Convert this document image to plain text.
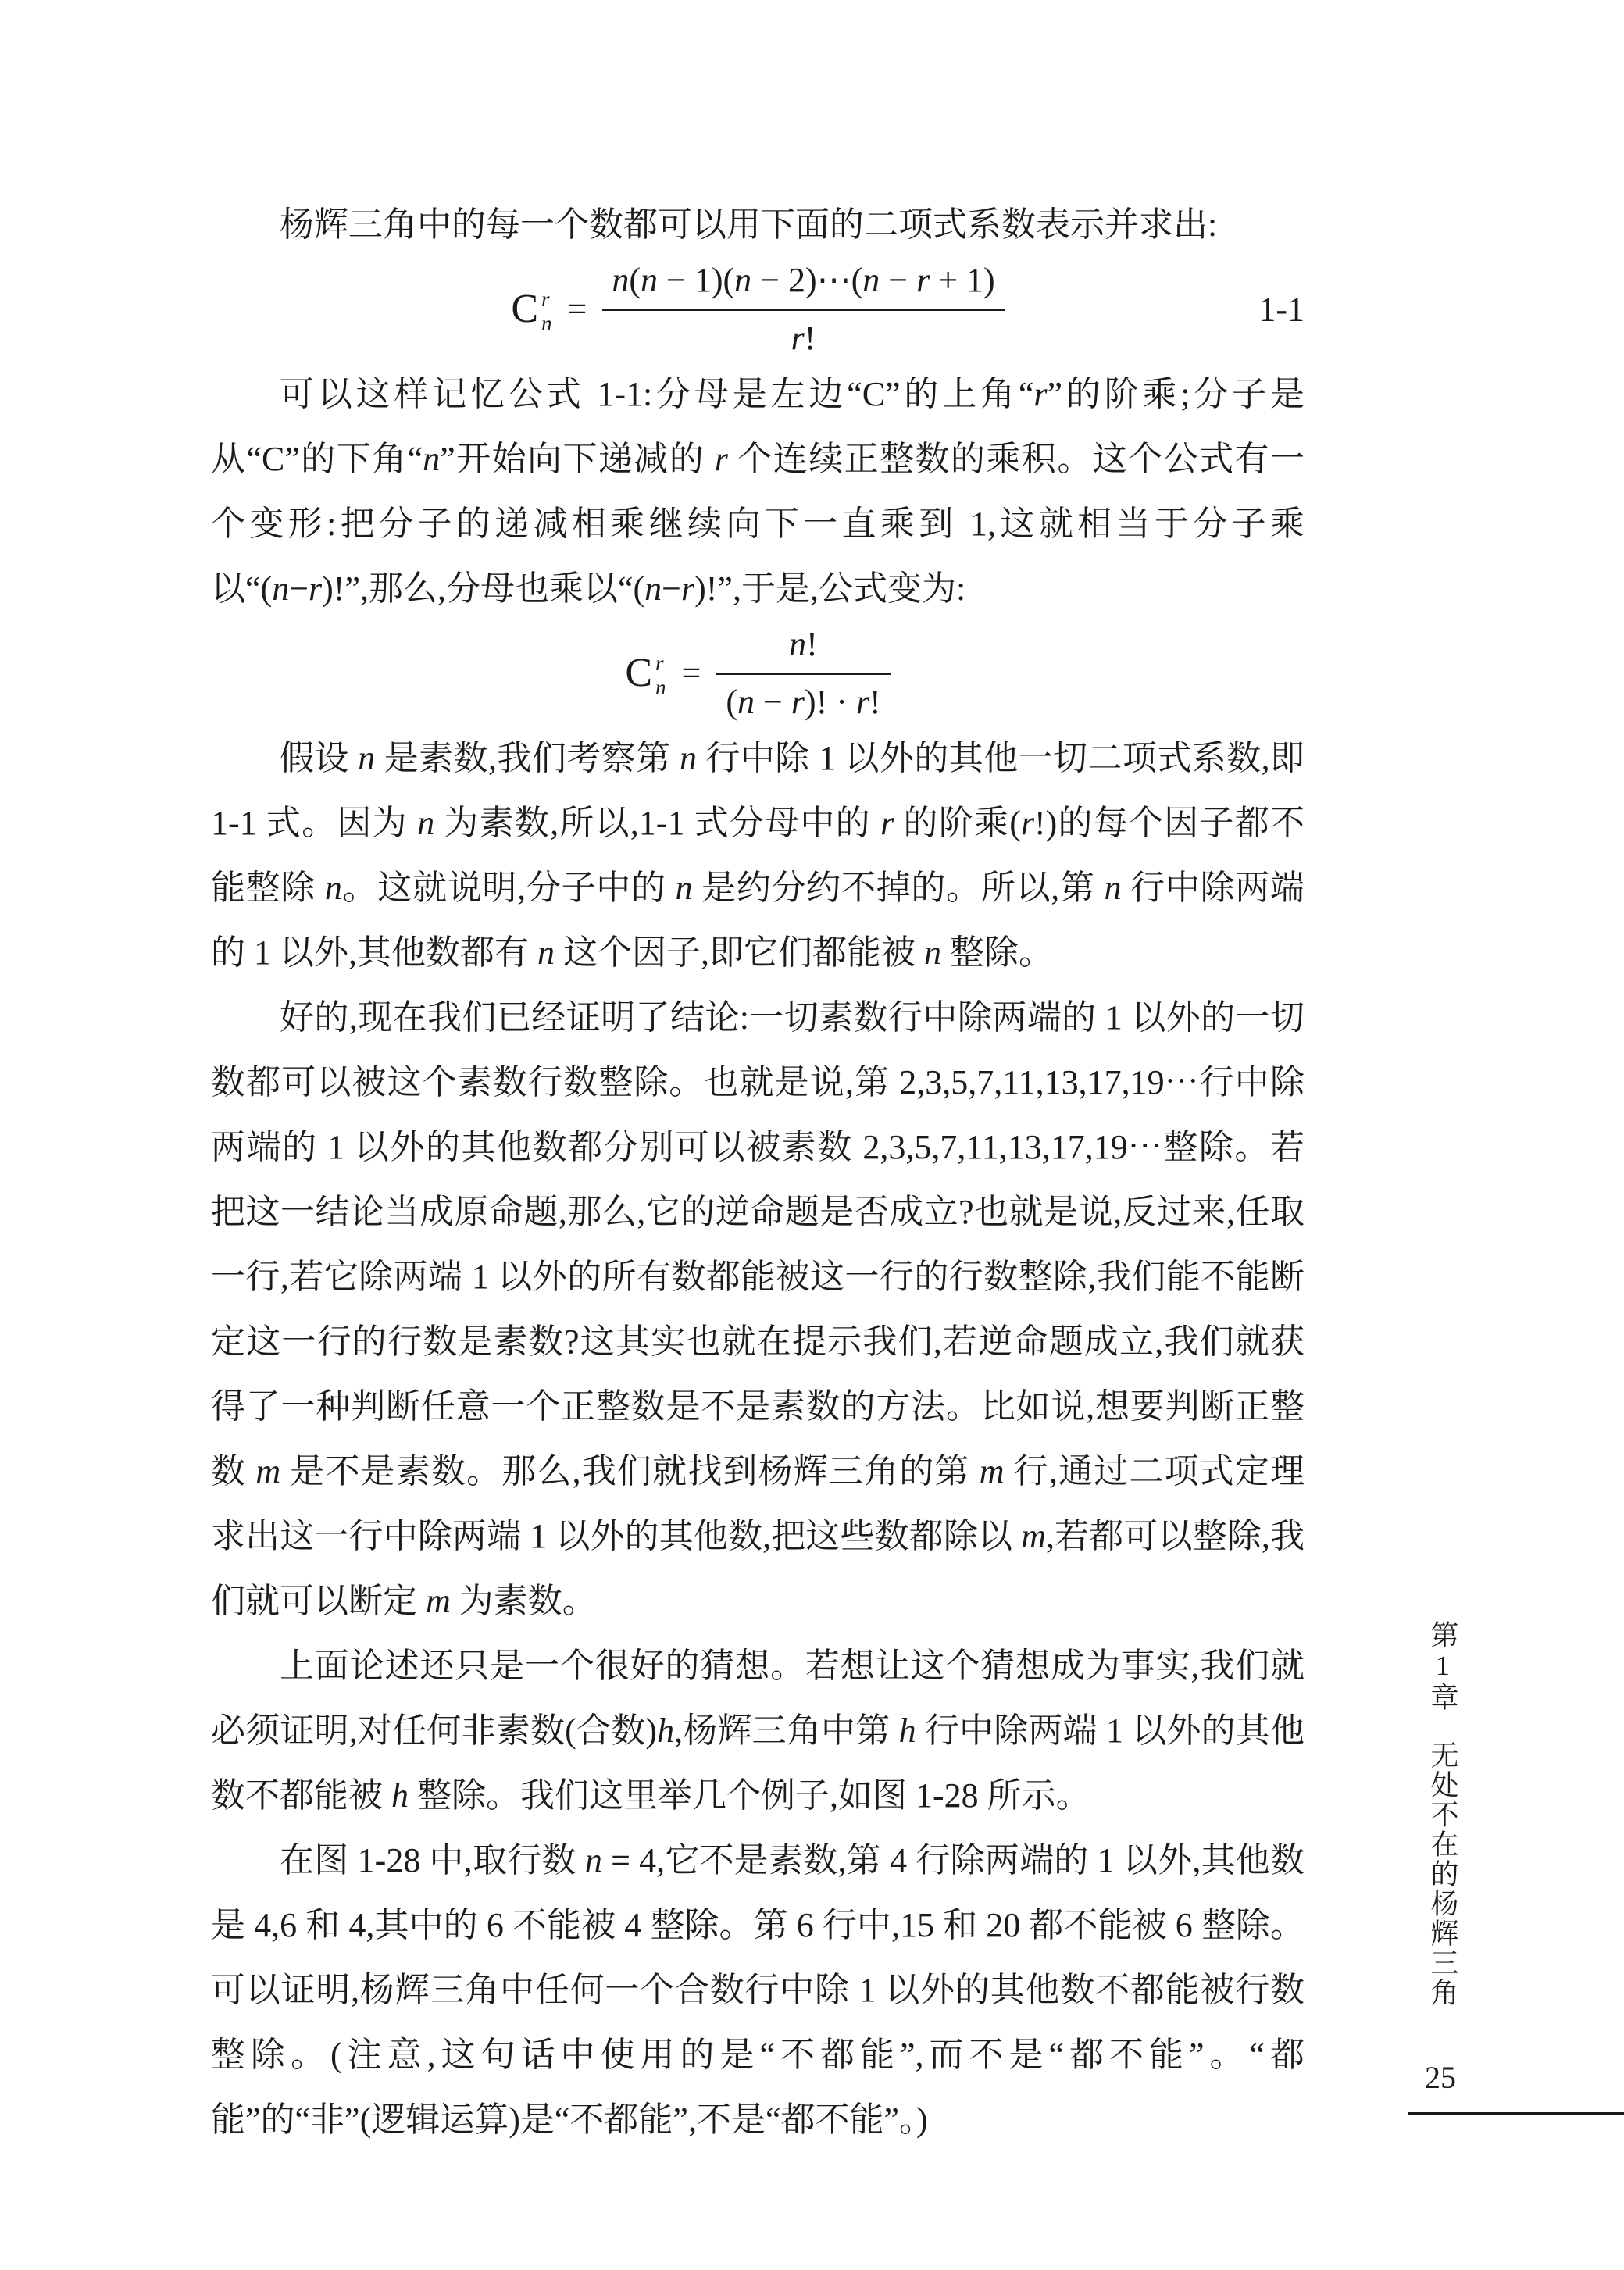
杨辉三角中的每一个数都可以用下面的二项式系数表示并求出:

C r
$n = \frac{n(n - 1)(n - 2)\cdots(n - r + 1)}{r!}$	1-1

可以这样记忆公式 1-1:分母是左边“C”的上角“r”的阶乘;分子是从“C”的下角“n”开始向下递减的 r 个连续正整数的乘积。这个公式有一个变形:把分子的递减相乘继续向下一直乘到 1,这就相当于分子乘以“(n−r)!”,那么,分母也乘以“(n−r)!”,于是,公式变为:

C r
$n = \frac{n!}{(n - r)! \cdot r!}$

假设 n 是素数,我们考察第 n 行中除 1 以外的其他一切二项式系数,即 1-1 式。因为 n 为素数,所以,1-1 式分母中的 r 的阶乘(r!)的每个因子都不能整除 n。这就说明,分子中的 n 是约分约不掉的。所以,第 n 行中除两端的 1 以外,其他数都有 n 这个因子,即它们都能被 n 整除。

好的,现在我们已经证明了结论:一切素数行中除两端的 1 以外的一切数都可以被这个素数行数整除。也就是说,第 2,3,5,7,11,13,17,19⋯行中除两端的 1 以外的其他数都分别可以被素数 2,3,5,7,11,13,17,19⋯整除。若把这一结论当成原命题,那么,它的逆命题是否成立?也就是说,反过来,任取一行,若它除两端 1 以外的所有数都能被这一行的行数整除,我们能不能断定这一行的行数是素数?这其实也就在提示我们,若逆命题成立,我们就获得了一种判断任意一个正整数是不是素数的方法。比如说,想要判断正整数 m 是不是素数。那么,我们就找到杨辉三角的第 m 行,通过二项式定理求出这一行中除两端 1 以外的其他数,把这些数都除以 m,若都可以整除,我们就可以断定 m 为素数。

上面论述还只是一个很好的猜想。若想让这个猜想成为事实,我们就必须证明,对任何非素数(合数)h,杨辉三角中第 h 行中除两端 1 以外的其他数不都能被 h 整除。我们这里举几个例子,如图 1-28 所示。

在图 1-28 中,取行数 n = 4,它不是素数,第 4 行除两端的 1 以外,其他数是 4,6 和 4,其中的 6 不能被 4 整除。第 6 行中,15 和 20 都不能被 6 整除。可以证明,杨辉三角中任何一个合数行中除 1 以外的其他数不都能被行数整除。(注意,这句话中使用的是“不都能”,而不是“都不能”。“都能”的“非”(逻辑运算)是“不都能”,不是“都不能”。)

第1章
无处不在的杨辉三角
25
